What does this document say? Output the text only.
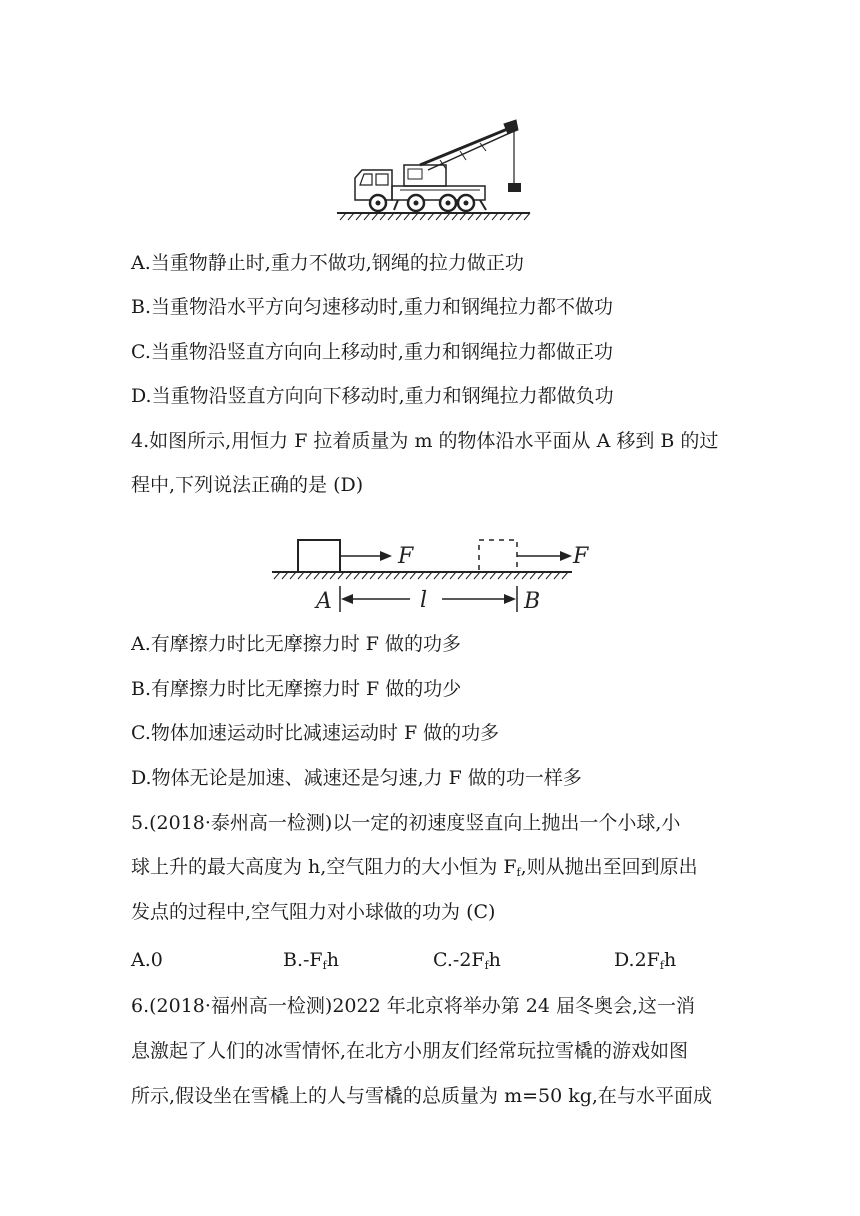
A.当重物静止时,重力不做功,钢绳的拉力做正功
B.当重物沿水平方向匀速移动时,重力和钢绳拉力都不做功
C.当重物沿竖直方向向上移动时,重力和钢绳拉力都做正功
D.当重物沿竖直方向向下移动时,重力和钢绳拉力都做负功
4.如图所示,用恒力 F 拉着质量为 m 的物体沿水平面从 A 移到 B 的过
程中,下列说法正确的是 (D)
F	F
A	B
l
A.有摩擦力时比无摩擦力时 F 做的功多
B.有摩擦力时比无摩擦力时 F 做的功少
C.物体加速运动时比减速运动时 F 做的功多
D.物体无论是加速、减速还是匀速,力 F 做的功一样多
5.(2018·泰州高一检测)以一定的初速度竖直向上抛出一个小球,小
球上升的最大高度为 h,空气阻力的大小恒为 $F_f$,则从抛出至回到原出
发点的过程中,空气阻力对小球做的功为 (C)
A.0	$B.-F_fh$	$C.-2F_fh$	$D.2F_fh$
6.(2018·福州高一检测)2022 年北京将举办第 24 届冬奥会,这一消
息激起了人们的冰雪情怀,在北方小朋友们经常玩拉雪橇的游戏如图
所示,假设坐在雪橇上的人与雪橇的总质量为 m=50 kg,在与水平面成
